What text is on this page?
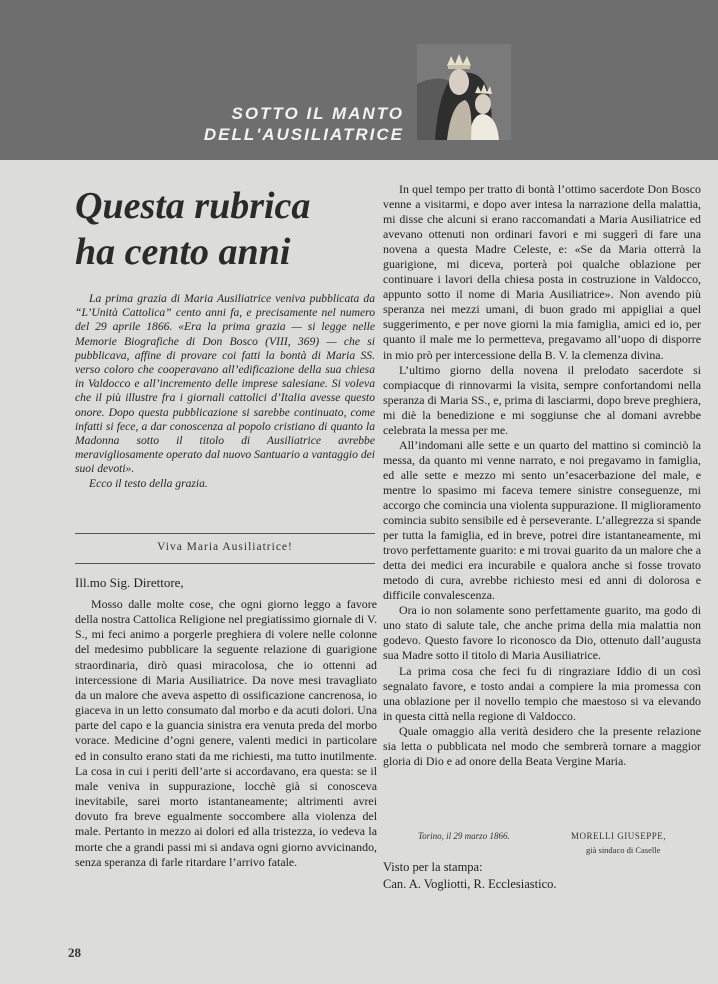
SOTTO IL MANTO
DELL'AUSILIATRICE
Questa rubrica
ha cento anni

La prima grazia di Maria Ausiliatrice veniva pubblicata da “L’Unità Cattolica” cento anni fa, e precisamente nel numero del 29 aprile 1866. «Era la prima grazia — si legge nelle Memorie Biografiche di Don Bosco (VIII, 369) — che si pubblicava, affine di provare coi fatti la bontà di Maria SS. verso coloro che cooperavano all’edificazione della sua chiesa in Valdocco e all’incremento delle imprese salesiane. Si voleva che il più illustre fra i giornali cattolici d’Italia avesse questo onore. Dopo questa pubblicazione si sarebbe continuato, come infatti si fece, a dar conoscenza al popolo cristiano di quanto la Madonna sotto il titolo di Ausiliatrice avrebbe meravigliosamente operato dal nuovo Santuario a vantaggio dei suoi devoti».

Ecco il testo della grazia.

Viva Maria Ausiliatrice!
Ill.mo Sig. Direttore,

Mosso dalle molte cose, che ogni giorno leggo a favore della nostra Cattolica Religione nel pregiatissimo giornale di V. S., mi feci animo a porgerle preghiera di volere nelle colonne del medesimo pubblicare la seguente relazione di guarigione straordinaria, dirò quasi miracolosa, che io ottenni ad intercessione di Maria Ausiliatrice. Da nove mesi travagliato da un malore che aveva aspetto di ossificazione cancrenosa, io giaceva in un letto consumato dal morbo e da acuti dolori. Una parte del capo e la guancia sinistra era venuta preda del morbo vorace. Medicine d’ogni genere, valenti medici in particolare ed in consulto erano stati da me richiesti, ma tutto inutilmente. La cosa in cui i periti dell’arte si accordavano, era questa: se il male veniva in suppurazione, locchè già si conosceva inevitabile, sarei morto istantaneamente; altrimenti avrei dovuto fra breve egualmente soccombere alla violenza del male. Pertanto in mezzo ai dolori ed alla tristezza, io vedeva la morte che a grandi passi mi si andava ogni giorno avvicinando, senza speranza di farle ritardare l’arrivo fatale.

In quel tempo per tratto di bontà l’ottimo sacerdote Don Bosco venne a visitarmi, e dopo aver intesa la narrazione della malattia, mi disse che alcuni si erano raccomandati a Maria Ausiliatrice ed avevano ottenuti non ordinari favori e mi suggerì di fare una novena a questa Madre Celeste, e: «Se da Maria otterrà la guarigione, mi diceva, porterà poi qualche oblazione per continuare i lavori della chiesa posta in costruzione in Valdocco, appunto sotto il nome di Maria Ausiliatrice». Non avendo più speranza nei mezzi umani, di buon grado mi appigliai a quel suggerimento, e per nove giorni la mia famiglia, amici ed io, per quanto il male me lo permetteva, pregavamo all’uopo di disporre in mio prò per intercessione della B. V. la clemenza divina.

L’ultimo giorno della novena il prelodato sacerdote si compiacque di rinnovarmi la visita, sempre confortandomi nella speranza di Maria SS., e, prima di lasciarmi, dopo breve preghiera, mi diè la benedizione e mi soggiunse che al domani avrebbe celebrata la messa per me.

All’indomani alle sette e un quarto del mattino si cominciò la messa, da quanto mi venne narrato, e noi pregavamo in famiglia, ed alle sette e mezzo mi sento un’esacerbazione del male, e mentre lo spasimo mi faceva temere sinistre conseguenze, mi accorgo che comincia una violenta suppurazione. Il miglioramento comincia subito sensibile ed è perseverante. L’allegrezza si spande per tutta la famiglia, ed in breve, potrei dire istantaneamente, mi trovo perfettamente guarito: e mi trovai guarito da un malore che a detta dei medici era incurabile e qualora anche si fosse trovato metodo di cura, avrebbe richiesto mesi ed anni di dolorosa e difficile convalescenza.

Ora io non solamente sono perfettamente guarito, ma godo di uno stato di salute tale, che anche prima della mia malattia non godevo. Questo favore lo riconosco da Dio, ottenuto dall’augusta sua Madre sotto il titolo di Maria Ausiliatrice.

La prima cosa che feci fu di ringraziare Iddio di un così segnalato favore, e tosto andai a compiere la mia promessa con una oblazione per il novello tempio che maestoso si va elevando in questa città nella regione di Valdocco.

Quale omaggio alla verità desidero che la presente relazione sia letta o pubblicata nel modo che sembrerà tornare a maggior gloria di Dio e ad onore della Beata Vergine Maria.

Torino, il 29 marzo 1866.	MORELLI GIUSEPPE,
già sindaco di Caselle
Visto per la stampa:
Can. A. Vogliotti, R. Ecclesiastico.
28
